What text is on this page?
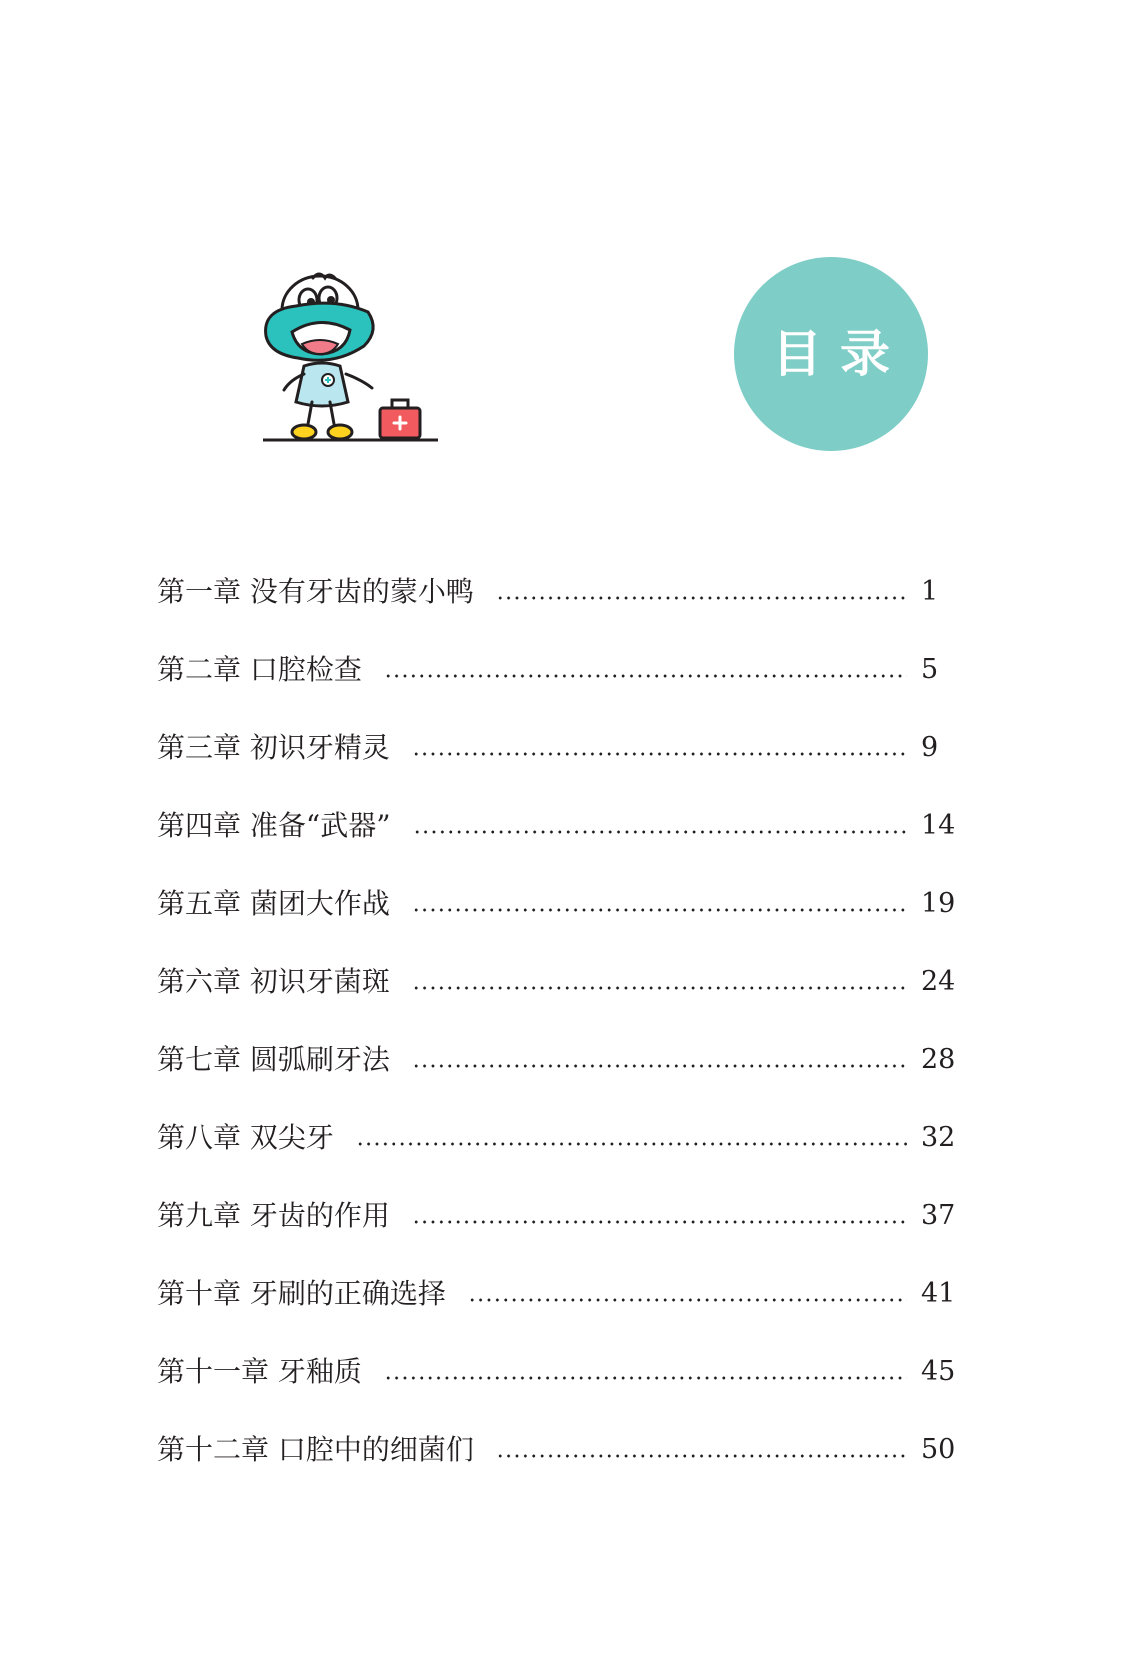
目录
第一章 没有牙齿的蒙小鸭	1
第二章 口腔检查	5
第三章 初识牙精灵	9
第四章 准备“武器”	14
第五章 菌团大作战	19
第六章 初识牙菌斑	24
第七章 圆弧刷牙法	28
第八章 双尖牙	32
第九章 牙齿的作用	37
第十章 牙刷的正确选择	41
第十一章 牙釉质	45
第十二章 口腔中的细菌们	50
